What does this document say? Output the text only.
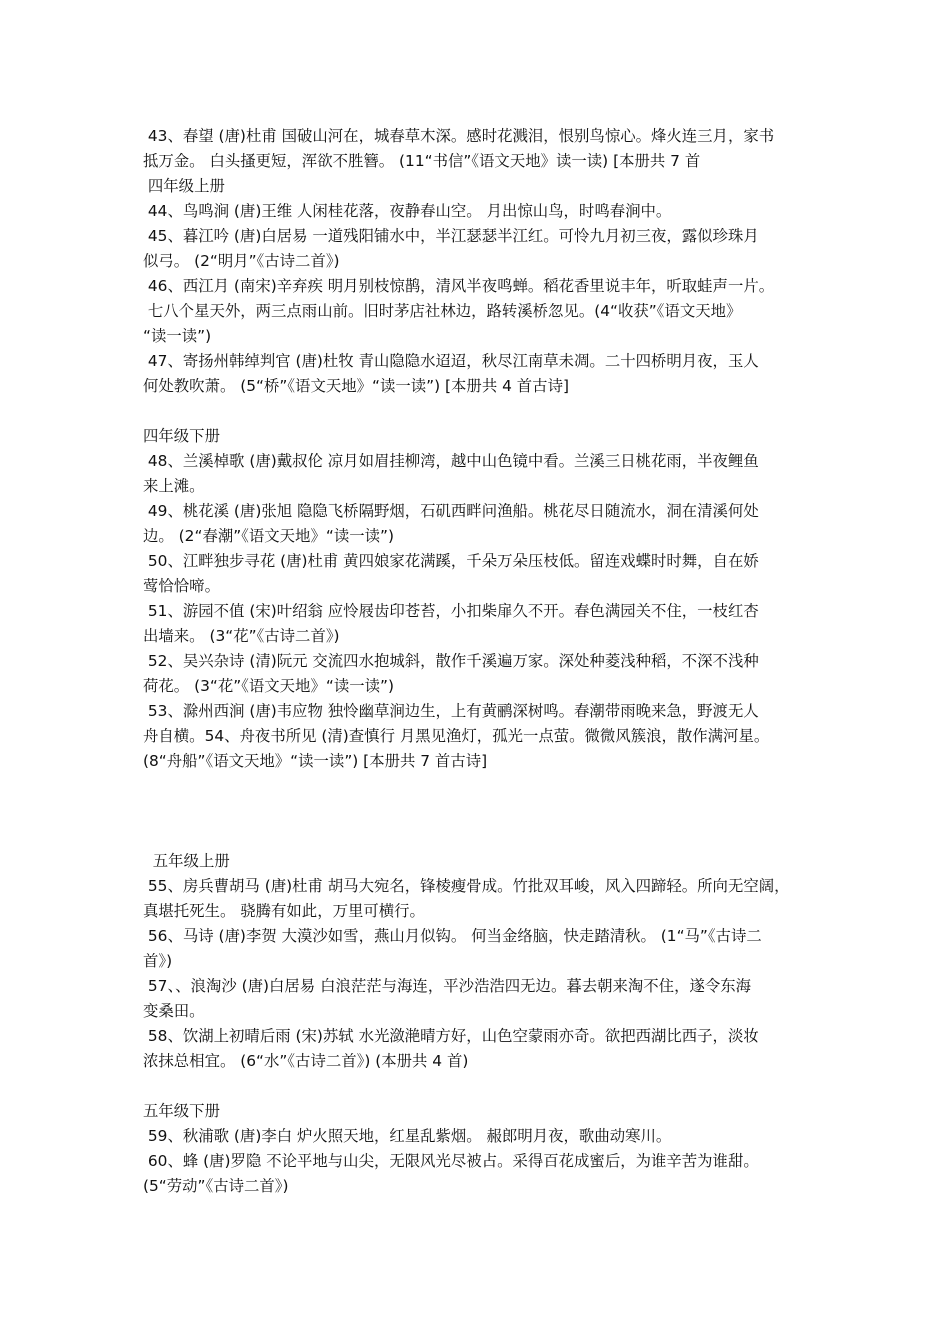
43、春望 (唐)杜甫 国破山河在，城春草木深。感时花溅泪，恨别鸟惊心。烽火连三月，家书
抵万金。 白头搔更短，浑欲不胜簪。 (11“书信”《语文天地》读一读) [本册共 7 首
四年级上册
44、鸟鸣涧 (唐)王维 人闲桂花落，夜静春山空。 月出惊山鸟，时鸣春涧中。
45、暮江吟 (唐)白居易 一道残阳铺水中，半江瑟瑟半江红。可怜九月初三夜，露似珍珠月
似弓。 (2“明月”《古诗二首》)
46、西江月 (南宋)辛弃疾 明月别枝惊鹊，清风半夜鸣蝉。稻花香里说丰年，听取蛙声一片。
七八个星天外，两三点雨山前。旧时茅店社林边，路转溪桥忽见。(4“收获”《语文天地》
“读一读”)
47、寄扬州韩绰判官 (唐)杜牧 青山隐隐水迢迢，秋尽江南草未凋。二十四桥明月夜，玉人
何处教吹萧。 (5“桥”《语文天地》“读一读”) [本册共 4 首古诗]
四年级下册
48、兰溪棹歌 (唐)戴叔伦 凉月如眉挂柳湾，越中山色镜中看。兰溪三日桃花雨，半夜鲤鱼
来上滩。
49、桃花溪 (唐)张旭 隐隐飞桥隔野烟，石矶西畔问渔船。桃花尽日随流水，洞在清溪何处
边。 (2“春潮”《语文天地》“读一读”)
50、江畔独步寻花 (唐)杜甫 黄四娘家花满蹊，千朵万朵压枝低。留连戏蝶时时舞，自在娇
莺恰恰啼。
51、游园不值 (宋)叶绍翁 应怜屐齿印苍苔，小扣柴扉久不开。春色满园关不住，一枝红杏
出墙来。 (3“花”《古诗二首》)
52、吴兴杂诗 (清)阮元 交流四水抱城斜，散作千溪遍万家。深处种菱浅种稻，不深不浅种
荷花。 (3“花”《语文天地》“读一读”)
53、滁州西涧 (唐)韦应物 独怜幽草涧边生，上有黄鹂深树鸣。春潮带雨晚来急，野渡无人
舟自横。54、舟夜书所见 (清)查慎行 月黑见渔灯，孤光一点萤。微微风簇浪，散作满河星。
(8“舟船”《语文天地》“读一读”) [本册共 7 首古诗]
五年级上册
55、房兵曹胡马 (唐)杜甫 胡马大宛名，锋棱瘦骨成。竹批双耳峻，风入四蹄轻。所向无空阔，
真堪托死生。 骁腾有如此，万里可横行。
56、马诗 (唐)李贺 大漠沙如雪，燕山月似钩。 何当金络脑，快走踏清秋。 (1“马”《古诗二
首》)
57、、浪淘沙 (唐)白居易 白浪茫茫与海连，平沙浩浩四无边。暮去朝来淘不住，遂令东海
变桑田。
58、饮湖上初晴后雨 (宋)苏轼 水光潋滟晴方好，山色空蒙雨亦奇。欲把西湖比西子，淡妆
浓抹总相宜。 (6“水”《古诗二首》) (本册共 4 首)
五年级下册
59、秋浦歌 (唐)李白 炉火照天地，红星乱紫烟。 赧郎明月夜，歌曲动寒川。
60、蜂 (唐)罗隐 不论平地与山尖，无限风光尽被占。采得百花成蜜后，为谁辛苦为谁甜。
(5“劳动”《古诗二首》)
